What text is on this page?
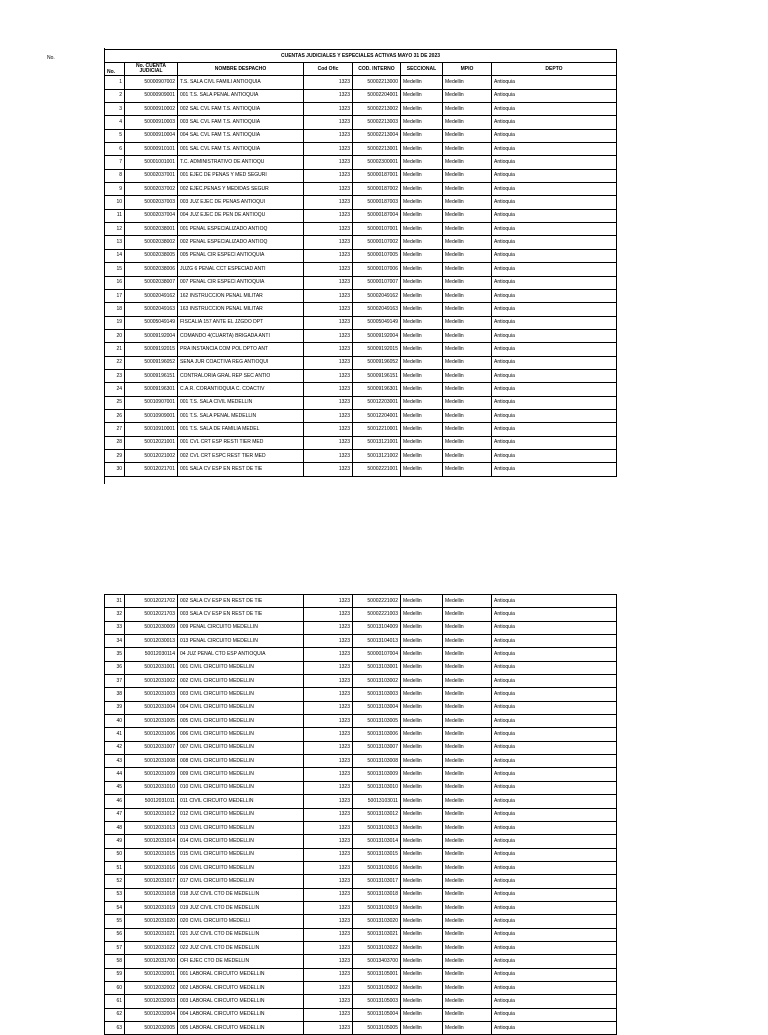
No.	CUENTAS JUDICIALES Y ESPECIALES ACTIVAS MAYO 31 DE 2023							
No.	No. CUENTA JUDICIAL	NOMBRE DESPACHO	Cod Ofic	COD. INTERNO	SECCIONAL	MPIO	DEPTO
1	50000907002	T.S. SALA CIVL FAMILI ANTIOQUIA	1323	50002213000	Medellin	Medellin	Antioquia
2	50000909001	001 T.S. SALA PENAL ANTIOQUIA	1323	50002204001	Medellin	Medellin	Antioquia
3	50000910002	002 SAL CVL FAM T.S. ANTIOQUIA	1323	50002213002	Medellin	Medellin	Antioquia
4	50000910003	003 SAL CVL FAM T.S. ANTIOQUIA	1323	50002213003	Medellin	Medellin	Antioquia
5	50000910004	004 SAL CVL FAM T.S. ANTIOQUIA	1323	50002213004	Medellin	Medellin	Antioquia
6	50000910101	001 SAL CVL FAM T.S. ANTIOQUIA	1323	50002213001	Medellin	Medellin	Antioquia
7	50001001001	T.C. ADMINISTRATIVO DE ANTIOQU	1323	50002300001	Medellin	Medellin	Antioquia
8	50002037001	001 EJEC DE PENAS Y MED SEGURI	1323	50000187001	Medellin	Medellin	Antioquia
9	50002037002	002 EJEC.PENAS Y MEDIDAS SEGUR	1323	50000187002	Medellin	Medellin	Antioquia
10	50002037003	003 JUZ EJEC DE PENAS ANTIOQUI	1323	50000187003	Medellin	Medellin	Antioquia
11	50002037004	004 JUZ EJEC DE PEN DE ANTIOQU	1323	50000187004	Medellin	Medellin	Antioquia
12	50002038001	001 PENAL ESPECIALIZADO ANTIOQ	1323	50000107001	Medellin	Medellin	Antioquia
13	50002038002	002 PENAL ESPECIALIZADO ANTIOQ	1323	50000107002	Medellin	Medellin	Antioquia
14	50002038005	005 PENAL CIR ESPECI ANTIOQUIA	1323	50000107005	Medellin	Medellin	Antioquia
15	50002038006	JUZG 6 PENAL CCT ESPECIAD ANTI	1323	50000107006	Medellin	Medellin	Antioquia
16	50002038007	007 PENAL CIR ESPECI ANTIOQUIA	1323	50000107007	Medellin	Medellin	Antioquia
17	50002049162	162 INSTRUCCION PENAL MILITAR	1323	50002049162	Medellin	Medellin	Antioquia
18	50002049163	163 INSTRUCCION PENAL MILITAR	1323	50002049163	Medellin	Medellin	Antioquia
19	50005049149	FISCALIA 157 ANTE EL JZGDO DPT	1323	50005049149	Medellin	Medellin	Antioquia
20	50009192004	COMANDO 4(CUARTA) BRIGADA ANTI	1323	50009192004	Medellin	Medellin	Antioquia
21	50009192015	PRA INSTANCIA COM POL DPTO ANT	1323	50009192015	Medellin	Medellin	Antioquia
22	50009196052	SENA JUR COACTIVA REG ANTIOQUI	1323	50009196052	Medellin	Medellin	Antioquia
23	50009196151	CONTRALORIA GRAL REP SEC ANTIO	1323	50009196151	Medellin	Medellin	Antioquia
24	50009196301	C.A.R. CORANTIOQUIA C. COACTIV	1323	50009196301	Medellin	Medellin	Antioquia
25	50010907001	001 T.S. SALA CIVIL MEDELLIN	1323	50012203001	Medellin	Medellin	Antioquia
26	50010909001	001 T.S. SALA PENAL MEDELLIN	1323	50012204001	Medellin	Medellin	Antioquia
27	50010910001	001 T.S. SALA DE FAMILIA MEDEL	1323	50012210001	Medellin	Medellin	Antioquia
28	50012021001	001 CVL CRT ESP RESTI TIER MED	1323	50013121001	Medellin	Medellin	Antioquia
29	50012021002	002 CVL CRT ESPC REST TIER MED	1323	50013121002	Medellin	Medellin	Antioquia
30	50012021701	001 SALA CV ESP EN REST DE TIE	1323	50002221001	Medellin	Medellin	Antioquia
31	50012021702	002 SALA CV ESP EN REST DE TIE	1323	50002221002	Medellin	Medellin	Antioquia
32	50012021703	003 SALA CV ESP EN REST DE TIE	1323	50002221003	Medellin	Medellin	Antioquia
33	50012030009	009 PENAL CIRCUITO MEDELLIN	1323	50013104009	Medellin	Medellin	Antioquia
34	50012030013	013 PENAL CIRCUITO MEDELLIN	1323	50013104013	Medellin	Medellin	Antioquia
35	50012030114	04 JUZ PENAL CTO ESP ANTIOQUIA	1323	50000107004	Medellin	Medellin	Antioquia
36	50012031001	001 CIVIL CIRCUITO MEDELLIN	1323	50013103001	Medellin	Medellin	Antioquia
37	50012031002	002 CIVIL CIRCUITO MEDELLIN	1323	50013103002	Medellin	Medellin	Antioquia
38	50012031003	003 CIVIL CIRCUITO MEDELLIN	1323	50013103003	Medellin	Medellin	Antioquia
39	50012031004	004 CIVIL CIRCUITO MEDELLIN	1323	50013103004	Medellin	Medellin	Antioquia
40	50012031005	005 CIVIL CIRCUITO MEDELLIN	1323	50013103005	Medellin	Medellin	Antioquia
41	50012031006	006 CIVIL CIRCUITO MEDELLIN	1323	50013103006	Medellin	Medellin	Antioquia
42	50012031007	007 CIVIL CIRCUITO MEDELLIN	1323	50013103007	Medellin	Medellin	Antioquia
43	50012031008	008 CIVIL CIRCUITO MEDELLIN	1323	50013103008	Medellin	Medellin	Antioquia
44	50012031009	009 CIVIL CIRCUITO MEDELLIN	1323	50013103009	Medellin	Medellin	Antioquia
45	50012031010	010 CIVIL CIRCUITO MEDELLIN	1323	50013103010	Medellin	Medellin	Antioquia
46	50012031011	011 CIVIL CIRCUITO MEDELLIN	1323	50013103011	Medellin	Medellin	Antioquia
47	50012031012	012 CIVIL CIRCUITO MEDELLIN	1323	50013103012	Medellin	Medellin	Antioquia
48	50012031013	013 CIVIL CIRCUITO MEDELLIN	1323	50013103013	Medellin	Medellin	Antioquia
49	50012031014	014 CIVIL CIRCUITO MEDELLIN	1323	50013103014	Medellin	Medellin	Antioquia
50	50012031015	015 CIVIL CIRCUITO MEDELLIN	1323	50013103015	Medellin	Medellin	Antioquia
51	50012031016	016 CIVIL CIRCUITO MEDELLIN	1323	50013103016	Medellin	Medellin	Antioquia
52	50012031017	017 CIVIL CIRCUITO MEDELLIN	1323	50013103017	Medellin	Medellin	Antioquia
53	50012031018	018 JUZ CIVIL CTO DE MEDELLIN	1323	50013103018	Medellin	Medellin	Antioquia
54	50012031019	019 JUZ CIVIL CTO DE MEDELLIN	1323	50013103019	Medellin	Medellin	Antioquia
55	50012031020	020 CIVIL CIRCUITO MEDELLI	1323	50013103020	Medellin	Medellin	Antioquia
56	50012031021	021 JUZ CIVIL CTO DE MEDELLIN	1323	50013103021	Medellin	Medellin	Antioquia
57	50012031022	022 JUZ CIVIL CTO DE MEDELLIN	1323	50013103022	Medellin	Medellin	Antioquia
58	50012031700	OFI EJEC CTO DE MEDELLIN	1323	50013403700	Medellin	Medellin	Antioquia
59	50012032001	001 LABORAL CIRCUITO MEDELLIN	1323	50013105001	Medellin	Medellin	Antioquia
60	50012032002	002 LABORAL CIRCUITO MEDELLIN	1323	50013105002	Medellin	Medellin	Antioquia
61	50012032003	003 LABORAL CIRCUITO MEDELLIN	1323	50013105003	Medellin	Medellin	Antioquia
62	50012032004	004 LABORAL CIRCUITO MEDELLIN	1323	50013105004	Medellin	Medellin	Antioquia
63	50012032005	005 LABORAL CIRCUITO MEDELLIN	1323	50013105005	Medellin	Medellin	Antioquia
